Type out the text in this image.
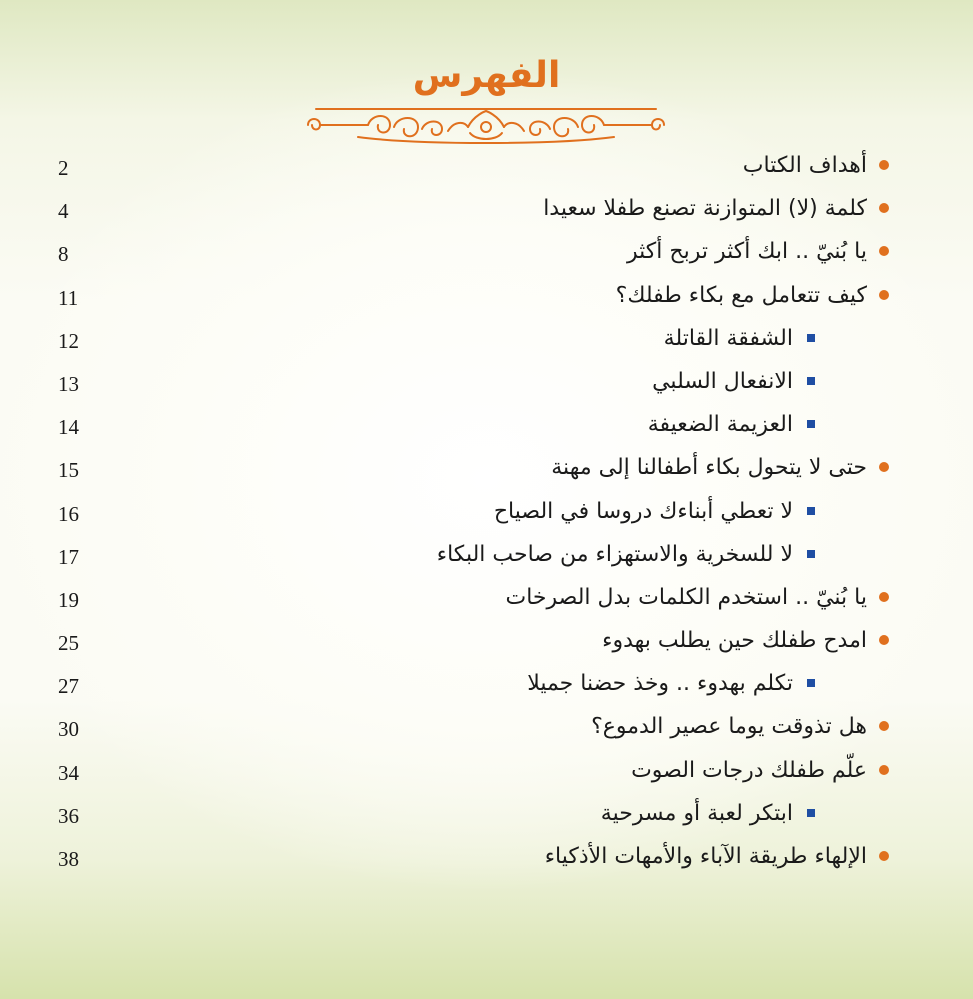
الفهرس
2	أهداف الكتاب
4	كلمة (لا) المتوازنة تصنع طفلا سعيدا
8	يا بُنيّ .. ابك أكثر تربح أكثر
11	كيف تتعامل مع بكاء طفلك؟
12	الشفقة القاتلة
13	الانفعال السلبي
14	العزيمة الضعيفة
15	حتى لا يتحول بكاء أطفالنا إلى مهنة
16	لا تعطي أبناءك دروسا في الصياح
17	لا للسخرية والاستهزاء من صاحب البكاء
19	يا بُنيّ .. استخدم الكلمات بدل الصرخات
25	امدح طفلك حين يطلب بهدوء
27	تكلم بهدوء .. وخذ حضنا جميلا
30	هل تذوقت يوما عصير الدموع؟
34	علّم طفلك درجات الصوت
36	ابتكر لعبة أو مسرحية
38	الإلهاء طريقة الآباء والأمهات الأذكياء
